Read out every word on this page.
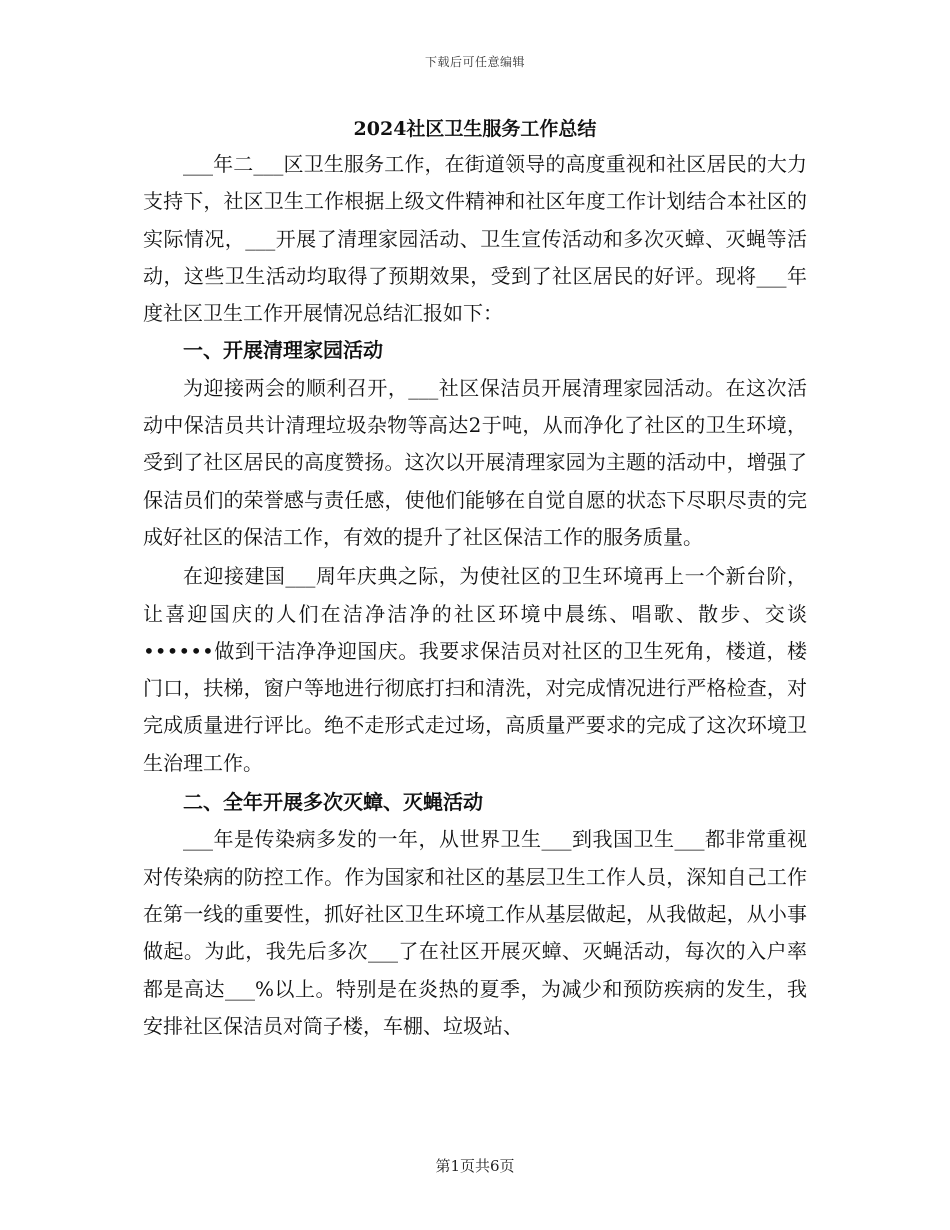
下载后可任意编辑
2024社区卫生服务工作总结

___年二___区卫生服务工作，在街道领导的高度重视和社区居民的大力支持下，社区卫生工作根据上级文件精神和社区年度工作计划结合本社区的实际情况，___开展了清理家园活动、卫生宣传活动和多次灭蟑、灭蝇等活动，这些卫生活动均取得了预期效果，受到了社区居民的好评。现将___年度社区卫生工作开展情况总结汇报如下：

一、开展清理家园活动

为迎接两会的顺利召开，___社区保洁员开展清理家园活动。在这次活动中保洁员共计清理垃圾杂物等高达2于吨，从而净化了社区的卫生环境，受到了社区居民的高度赞扬。这次以开展清理家园为主题的活动中，增强了保洁员们的荣誉感与责任感，使他们能够在自觉自愿的状态下尽职尽责的完成好社区的保洁工作，有效的提升了社区保洁工作的服务质量。

在迎接建国___周年庆典之际，为使社区的卫生环境再上一个新台阶，让喜迎国庆的人们在洁净洁净的社区环境中晨练、唱歌、散步、交谈••••••做到干洁净净迎国庆。我要求保洁员对社区的卫生死角，楼道，楼门口，扶梯，窗户等地进行彻底打扫和清洗，对完成情况进行严格检查，对完成质量进行评比。绝不走形式走过场，高质量严要求的完成了这次环境卫生治理工作。

二、全年开展多次灭蟑、灭蝇活动

___年是传染病多发的一年，从世界卫生___到我国卫生___都非常重视对传染病的防控工作。作为国家和社区的基层卫生工作人员，深知自己工作在第一线的重要性，抓好社区卫生环境工作从基层做起，从我做起，从小事做起。为此，我先后多次___了在社区开展灭蟑、灭蝇活动，每次的入户率都是高达___%以上。特别是在炎热的夏季，为减少和预防疾病的发生，我安排社区保洁员对筒子楼，车棚、垃圾站、

第1页共6页
